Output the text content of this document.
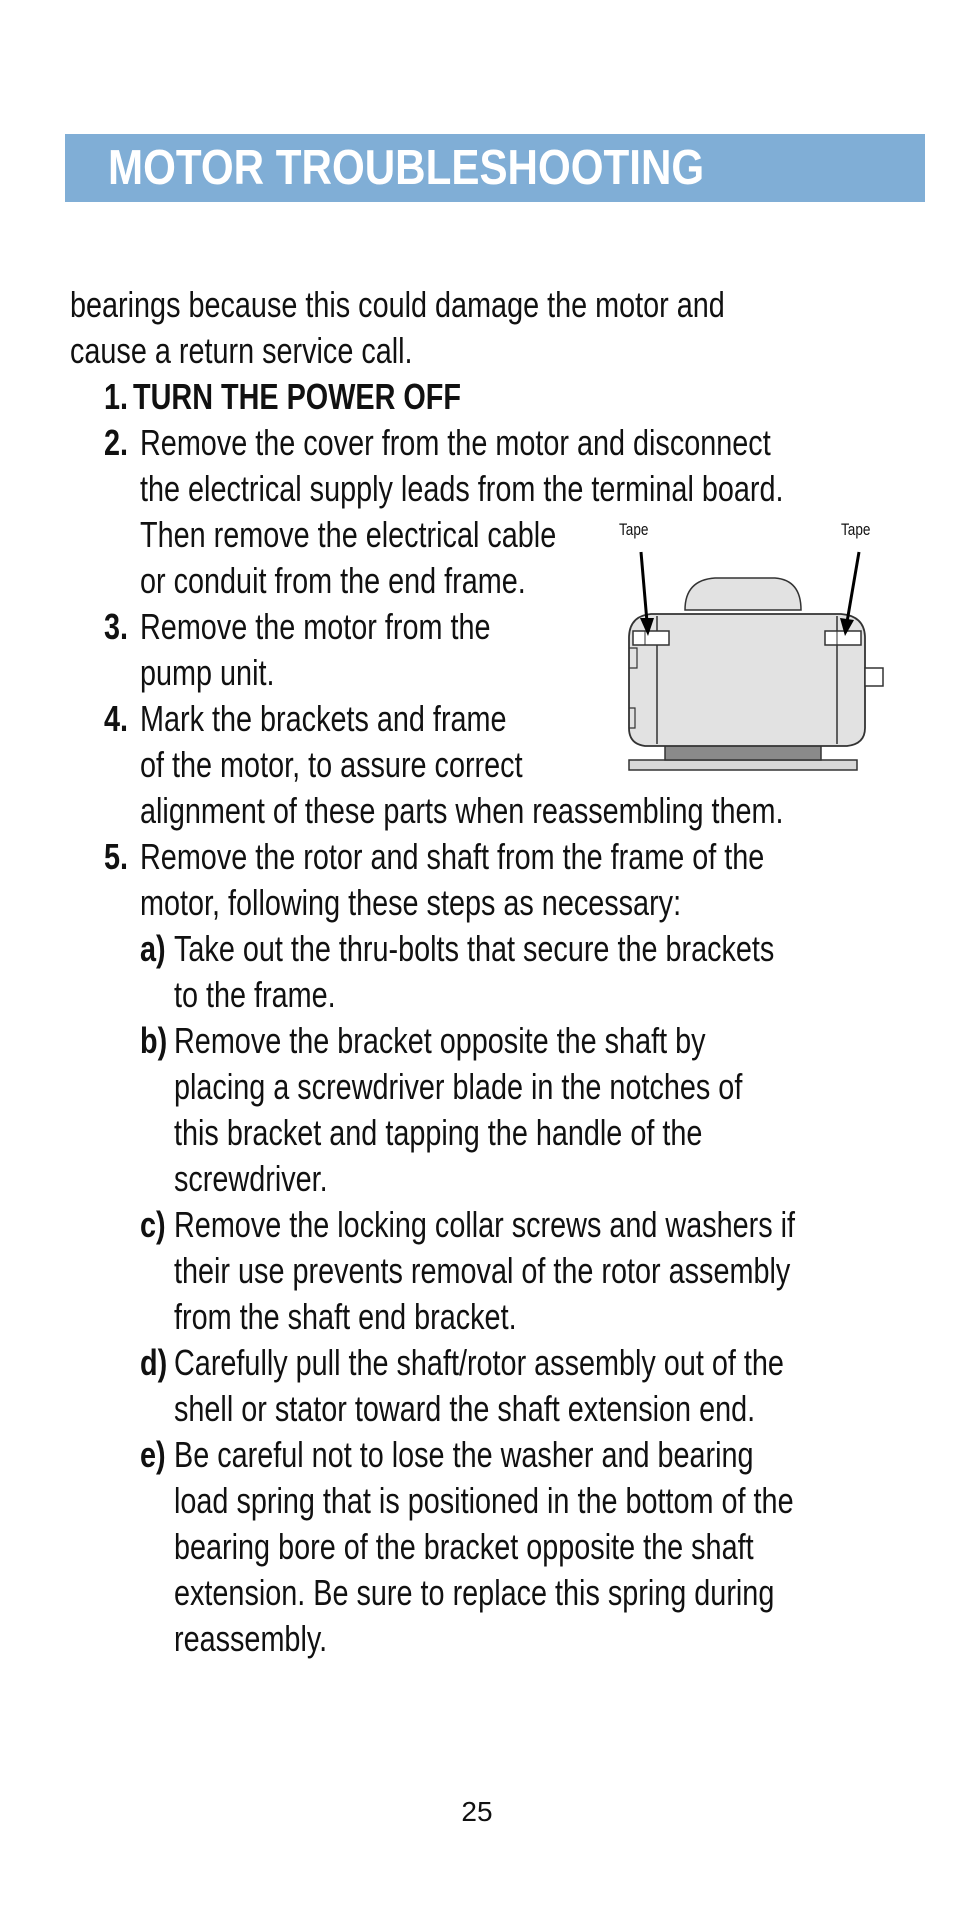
MOTOR TROUBLESHOOTING
bearings because this could damage the motor and
cause a return service call.
1. TURN THE POWER OFF
2. Remove the cover from the motor and disconnect
the electrical supply leads from the terminal board.
Then remove the electrical cable
or conduit from the end frame.
3. Remove the motor from the
pump unit.
4. Mark the brackets and frame
of the motor, to assure correct
alignment of these parts when reassembling them.
5. Remove the rotor and shaft from the frame of the
motor, following these steps as necessary:
a) Take out the thru-bolts that secure the brackets
to the frame.
b) Remove the bracket opposite the shaft by
placing a screwdriver blade in the notches of
this bracket and tapping the handle of the
screwdriver.
c) Remove the locking collar screws and washers if
their use prevents removal of the rotor assembly
from the shaft end bracket.
d) Carefully pull the shaft/rotor assembly out of the
shell or stator toward the shaft extension end.
e) Be careful not to lose the washer and bearing
load spring that is positioned in the bottom of the
bearing bore of the bracket opposite the shaft
extension. Be sure to replace this spring during
reassembly.
Tape	Tape
25
